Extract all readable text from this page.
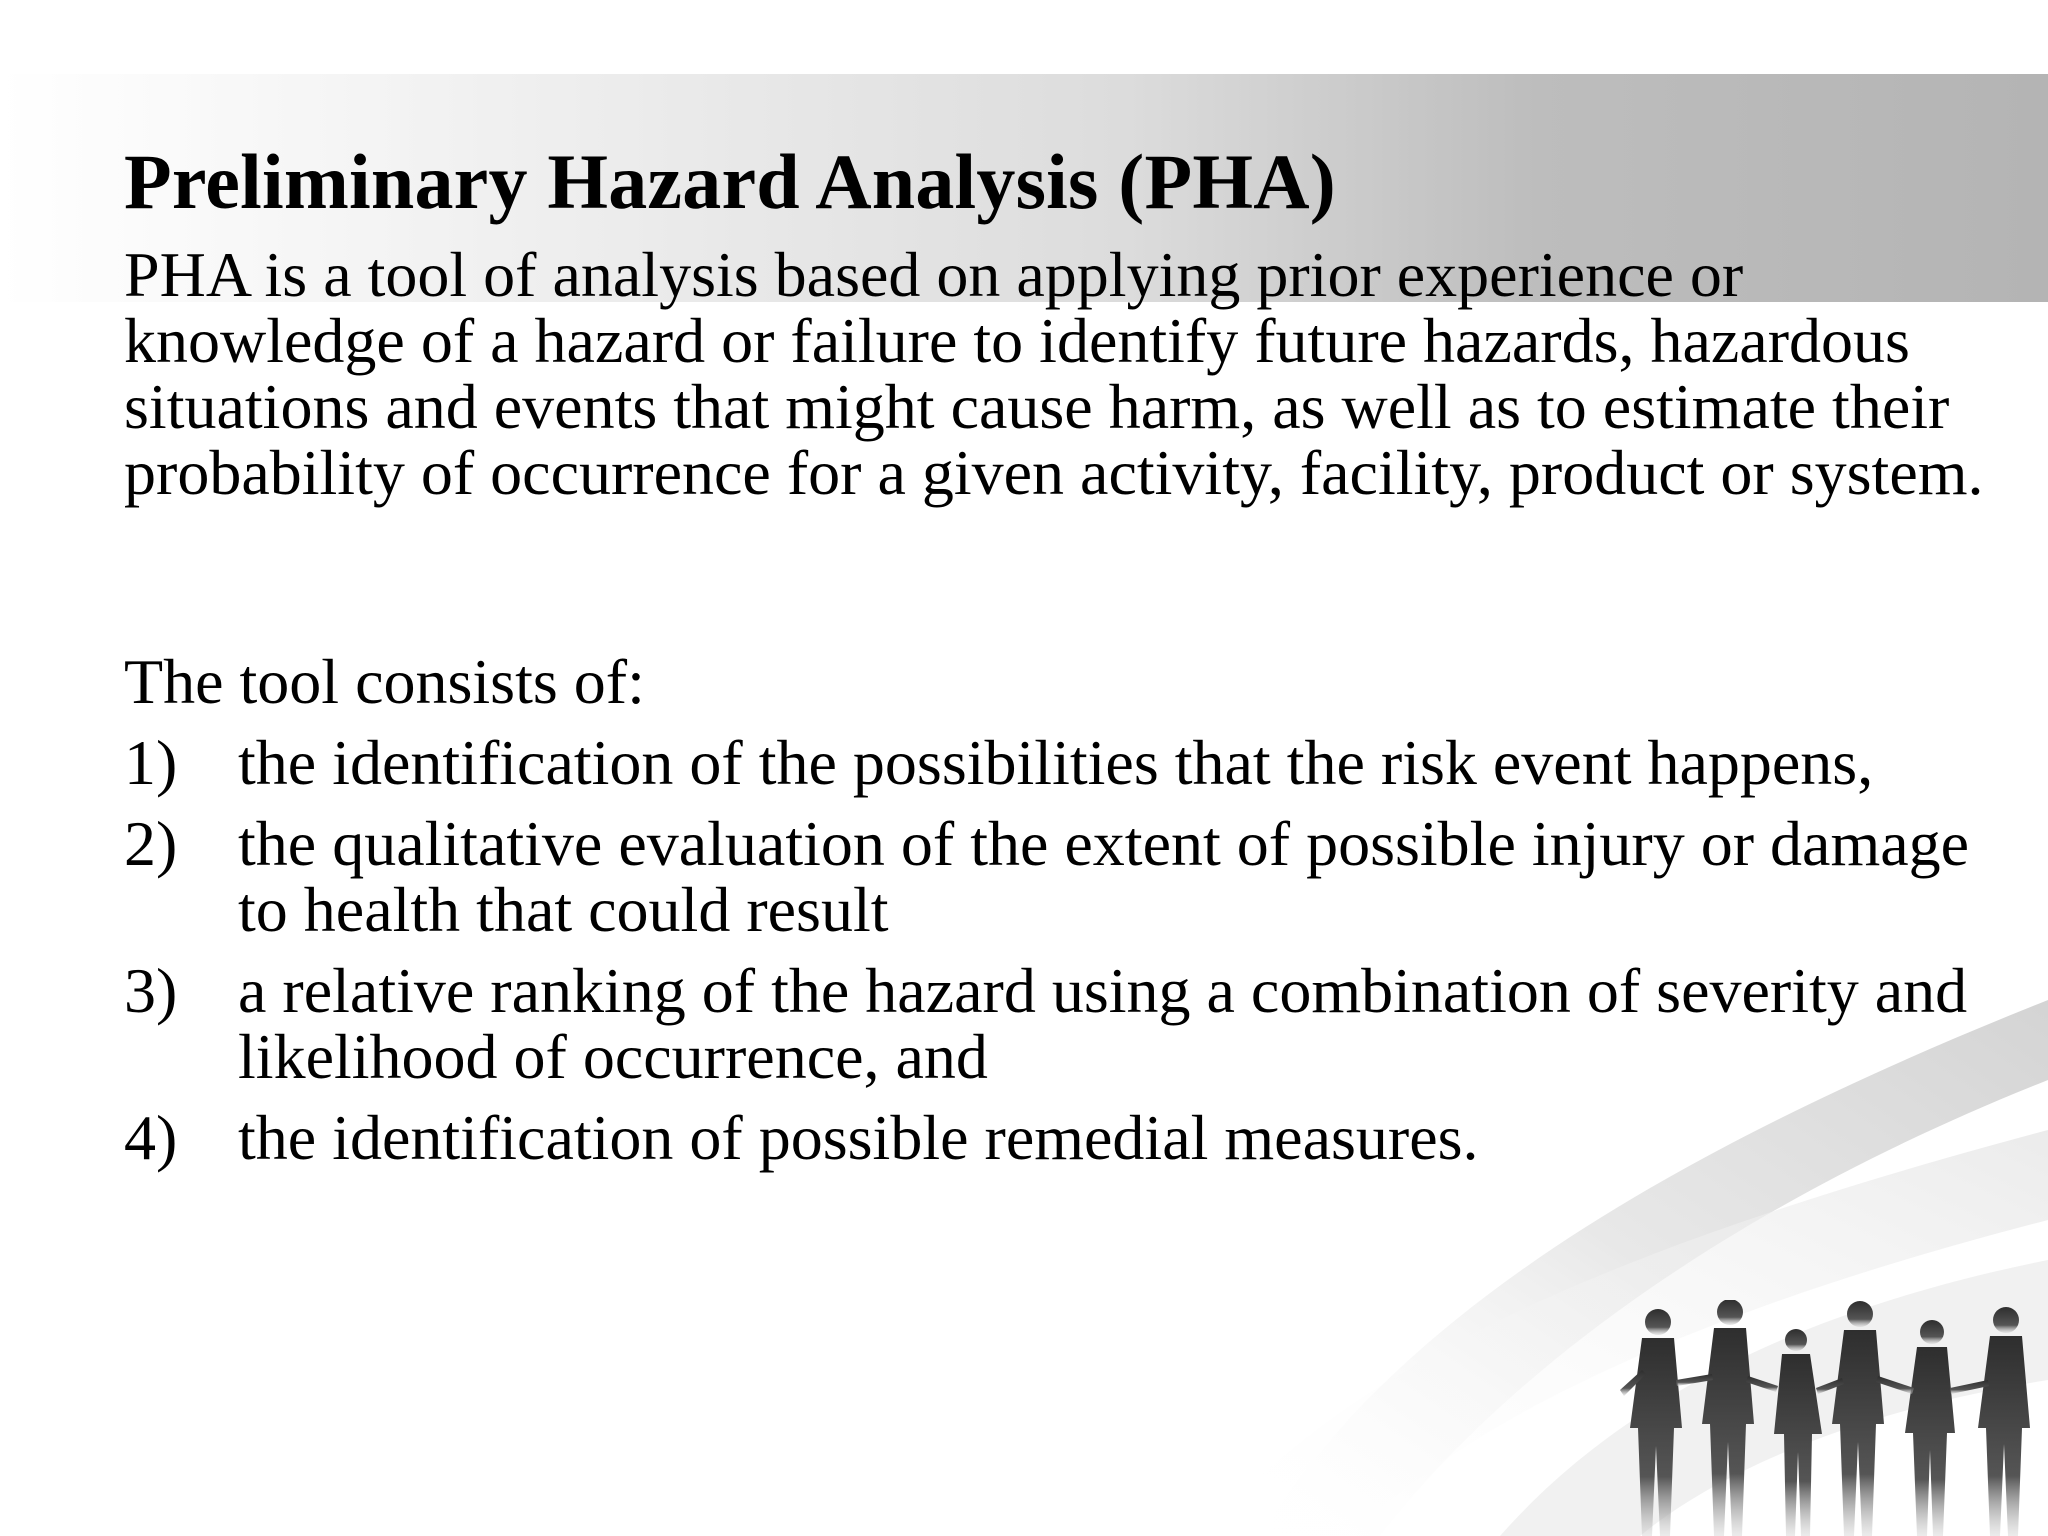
Preliminary Hazard Analysis (PHA)

PHA is a tool of analysis based on applying prior experience or knowledge of a hazard or failure to identify future hazards, hazardous situations and events that might cause harm, as well as to estimate their probability of occurrence for a given activity, facility, product or system.

The tool consists of:

1) the identification of the possibilities that the risk event happens,
2) the qualitative evaluation of the extent of possible injury or damage to health that could result
3) a relative ranking of the hazard using a combination of severity and likelihood of occurrence, and
4) the identification of possible remedial measures.
